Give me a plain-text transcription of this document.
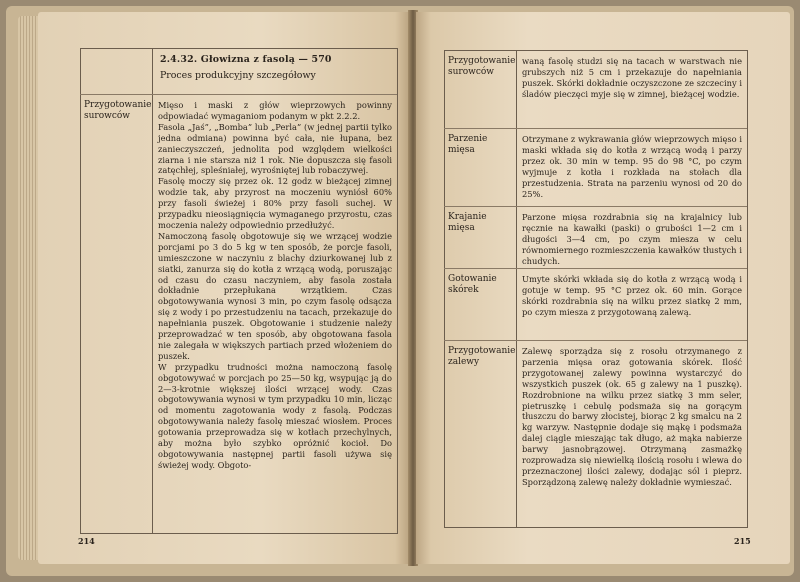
2.4.32. Głowizna z fasolą — 570
Proces produkcyjny szczegółowy
Przygotowanie surowców

Mięso i maski z głów wieprzowych powinny odpowiadać wymaganiom podanym w pkt 2.2.2.

Fasola „Jaś”, „Bomba” lub „Perla” (w jednej partii tylko jedna odmiana) powinna być cała, nie łupana, bez zanieczyszczeń, jednolita pod względem wielkości ziarna i nie starsza niż 1 rok. Nie dopuszcza się fasoli zatęchłej, spleśniałej, wyrośniętej lub robaczywej.

Fasolę moczy się przez ok. 12 godz w bieżącej zimnej wodzie tak, aby przyrost na moczeniu wyniósł 60% przy fasoli świeżej i 80% przy fasoli suchej. W przypadku nieosiągnięcia wymaganego przyrostu, czas moczenia należy odpowiednio przedłużyć.

Namoczoną fasolę obgotowuje się we wrzącej wodzie porcjami po 3 do 5 kg w ten sposób, że porcje fasoli, umieszczone w naczyniu z blachy dziurkowanej lub z siatki, zanurza się do kotła z wrzącą wodą, poruszając od czasu do czasu naczyniem, aby fasola została dokładnie przepłukana wrzątkiem. Czas obgotowywania wynosi 3 min, po czym fasolę odsącza się z wody i po przestudzeniu na tacach, przekazuje do napełniania puszek. Obgotowanie i studzenie należy przeprowadzać w ten sposób, aby obgotowana fasola nie zalegała w większych partiach przed włożeniem do puszek.

W przypadku trudności można namoczoną fasolę obgotowywać w porcjach po 25—50 kg, wsypując ją do 2—3-krotnie większej ilości wrzącej wody. Czas obgotowywania wynosi w tym przypadku 10 min, licząc od momentu zagotowania wody z fasolą. Podczas obgotowywania należy fasolę mieszać wiosłem. Proces gotowania przeprowadza się w kotłach przechylnych, aby można było szybko opróżnić kocioł. Do obgotowywania następnej partii fasoli używa się świeżej wody. Obgoto-

214
Przygotowanie surowców
waną fasolę studzi się na tacach w warstwach nie grubszych niż 5 cm i przekazuje do napełniania puszek. Skórki dokładnie oczyszczone ze szczeciny i śladów pieczęci myje się w zimnej, bieżącej wodzie.
Parzenie mięsa
Otrzymane z wykrawania głów wieprzowych mięso i maski wkłada się do kotła z wrzącą wodą i parzy przez ok. 30 min w temp. 95 do 98 °C, po czym wyjmuje z kotła i rozkłada na stołach dla przestudzenia. Strata na parzeniu wynosi od 20 do 25%.
Krajanie mięsa
Parzone mięsa rozdrabnia się na krajalnicy lub ręcznie na kawałki (paski) o grubości 1—2 cm i długości 3—4 cm, po czym miesza w celu równomiernego rozmieszczenia kawałków tłustych i chudych.
Gotowanie skórek
Umyte skórki wkłada się do kotła z wrzącą wodą i gotuje w temp. 95 °C przez ok. 60 min. Gorące skórki rozdrabnia się na wilku przez siatkę 2 mm, po czym miesza z przygotowaną zalewą.
Przygotowanie zalewy
Zalewę sporządza się z rosołu otrzymanego z parzenia mięsa oraz gotowania skórek. Ilość przygotowanej zalewy powinna wystarczyć do wszystkich puszek (ok. 65 g zalewy na 1 puszkę). Rozdrobnione na wilku przez siatkę 3 mm seler, pietruszkę i cebulę podsmaża się na gorącym tłuszczu do barwy złocistej, biorąc 2 kg smalcu na 2 kg warzyw. Następnie dodaje się mąkę i podsmaża dalej ciągle mieszając tak długo, aż mąka nabierze barwy jasnobrązowej. Otrzymaną zasmażkę rozprowadza się niewielką ilością rosołu i wlewa do przeznaczonej ilości zalewy, dodając sól i pieprz. Sporządzoną zalewę należy dokładnie wymieszać.
215
